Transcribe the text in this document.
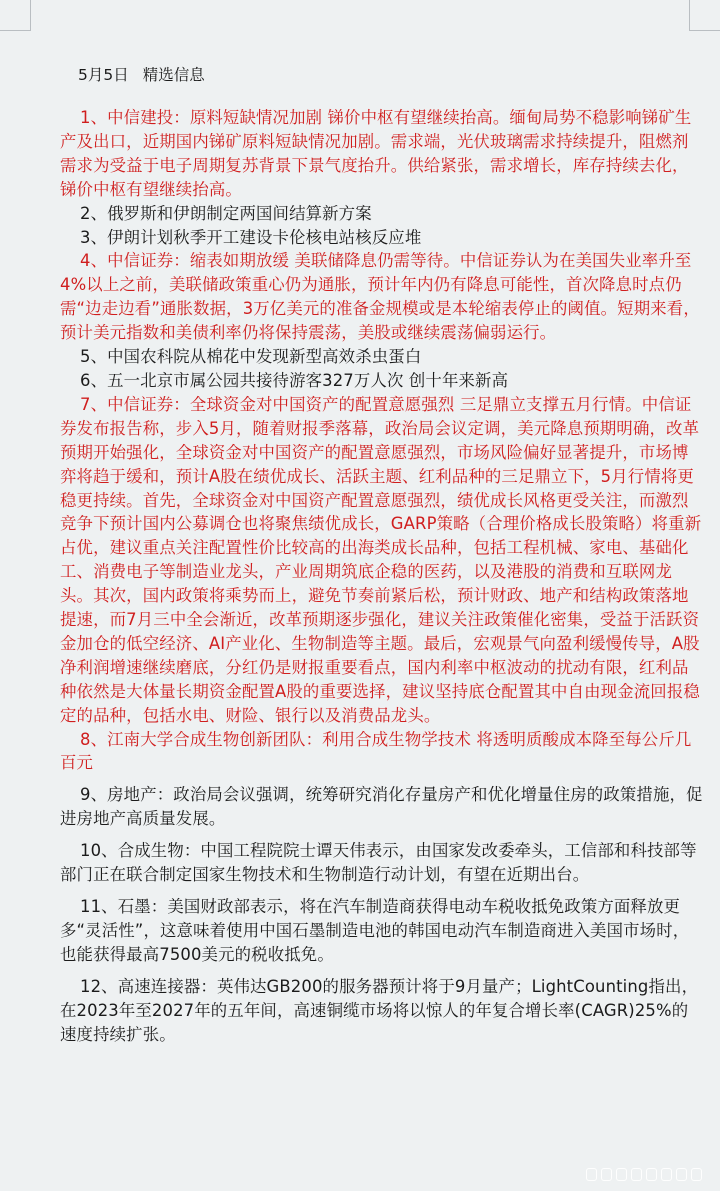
5月5日 精选信息

1、中信建投：原料短缺情况加剧 锑价中枢有望继续抬高。缅甸局势不稳影响锑矿生产及出口，近期国内锑矿原料短缺情况加剧。需求端，光伏玻璃需求持续提升，阻燃剂需求为受益于电子周期复苏背景下景气度抬升。供给紧张，需求增长，库存持续去化，锑价中枢有望继续抬高。

2、俄罗斯和伊朗制定两国间结算新方案

3、伊朗计划秋季开工建设卡伦核电站核反应堆

4、中信证券：缩表如期放缓 美联储降息仍需等待。中信证券认为在美国失业率升至4%以上之前，美联储政策重心仍为通胀，预计年内仍有降息可能性，首次降息时点仍需“边走边看”通胀数据，3万亿美元的准备金规模或是本轮缩表停止的阈值。短期来看，预计美元指数和美债利率仍将保持震荡，美股或继续震荡偏弱运行。

5、中国农科院从棉花中发现新型高效杀虫蛋白

6、五一北京市属公园共接待游客327万人次 创十年来新高

7、中信证券：全球资金对中国资产的配置意愿强烈 三足鼎立支撑五月行情。中信证券发布报告称，步入5月，随着财报季落幕，政治局会议定调，美元降息预期明确，改革预期开始强化，全球资金对中国资产的配置意愿强烈，市场风险偏好显著提升，市场博弈将趋于缓和，预计A股在绩优成长、活跃主题、红利品种的三足鼎立下，5月行情将更稳更持续。首先，全球资金对中国资产配置意愿强烈，绩优成长风格更受关注，而激烈竞争下预计国内公募调仓也将聚焦绩优成长，GARP策略（合理价格成长股策略）将重新占优，建议重点关注配置性价比较高的出海类成长品种，包括工程机械、家电、基础化工、消费电子等制造业龙头，产业周期筑底企稳的医药，以及港股的消费和互联网龙头。其次，国内政策将乘势而上，避免节奏前紧后松，预计财政、地产和结构政策落地提速，而7月三中全会渐近，改革预期逐步强化，建议关注政策催化密集，受益于活跃资金加仓的低空经济、AI产业化、生物制造等主题。最后，宏观景气向盈利缓慢传导，A股净利润增速继续磨底，分红仍是财报重要看点，国内利率中枢波动的扰动有限，红利品种依然是大体量长期资金配置A股的重要选择，建议坚持底仓配置其中自由现金流回报稳定的品种，包括水电、财险、银行以及消费品龙头。

8、江南大学合成生物创新团队：利用合成生物学技术 将透明质酸成本降至每公斤几百元

9、房地产：政治局会议强调，统筹研究消化存量房产和优化增量住房的政策措施，促进房地产高质量发展。

10、合成生物：中国工程院院士谭天伟表示，由国家发改委牵头，工信部和科技部等部门正在联合制定国家生物技术和生物制造行动计划，有望在近期出台。

11、石墨：美国财政部表示，将在汽车制造商获得电动车税收抵免政策方面释放更多“灵活性”，这意味着使用中国石墨制造电池的韩国电动汽车制造商进入美国市场时，也能获得最高7500美元的税收抵免。

12、高速连接器：英伟达GB200的服务器预计将于9月量产；LightCounting指出，在2023年至2027年的五年间，高速铜缆市场将以惊人的年复合增长率(CAGR)25%的速度持续扩张。
